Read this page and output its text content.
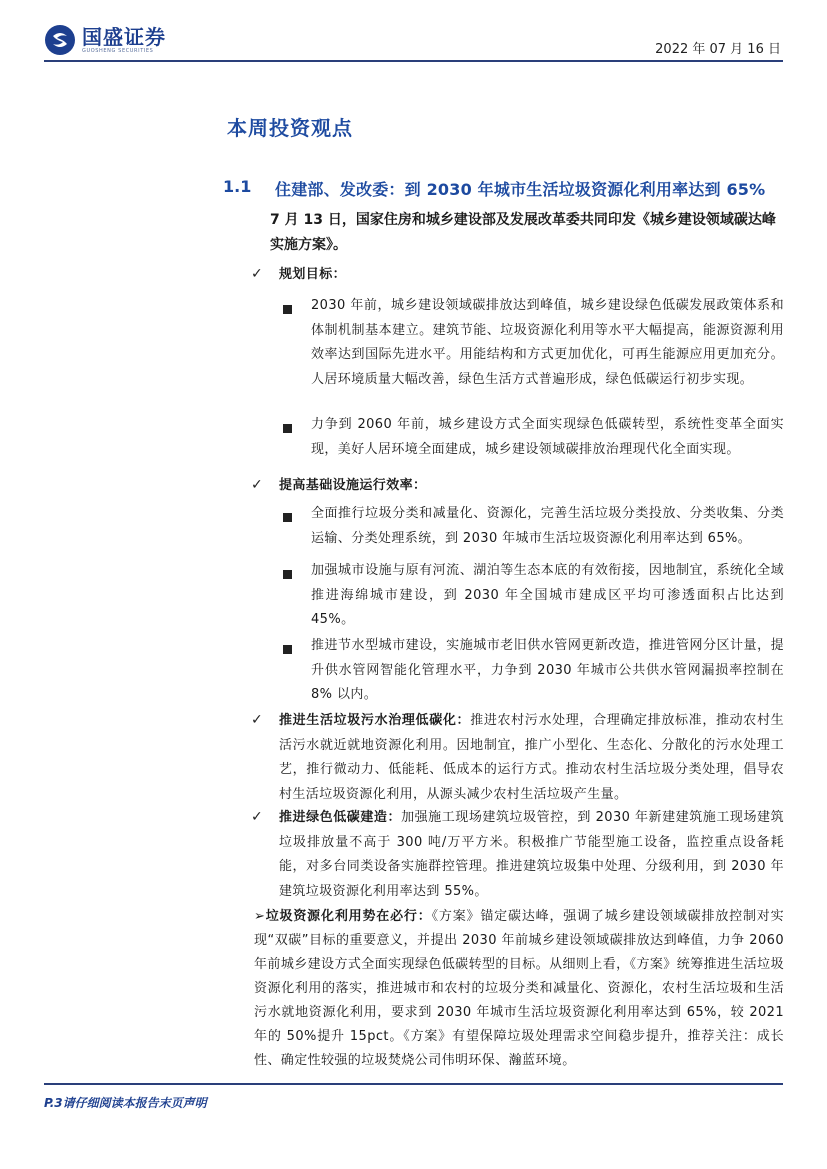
国盛证券
GUOSHENG SECURITIES	2022 年 07 月 16 日
本周投资观点
1.1 住建部、发改委：到 2030 年城市生活垃圾资源化利用率达到 65%
7 月 13 日，国家住房和城乡建设部及发展改革委共同印发《城乡建设领域碳达峰实施方案》。
✓ 规划目标：
2030 年前，城乡建设领域碳排放达到峰值，城乡建设绿色低碳发展政策体系和体制机制基本建立。建筑节能、垃圾资源化利用等水平大幅提高，能源资源利用效率达到国际先进水平。用能结构和方式更加优化，可再生能源应用更加充分。人居环境质量大幅改善，绿色生活方式普遍形成，绿色低碳运行初步实现。
力争到 2060 年前，城乡建设方式全面实现绿色低碳转型，系统性变革全面实现，美好人居环境全面建成，城乡建设领域碳排放治理现代化全面实现。
✓ 提高基础设施运行效率：
全面推行垃圾分类和减量化、资源化，完善生活垃圾分类投放、分类收集、分类运输、分类处理系统，到 2030 年城市生活垃圾资源化利用率达到 65%。
加强城市设施与原有河流、湖泊等生态本底的有效衔接，因地制宜，系统化全域推进海绵城市建设，到 2030 年全国城市建成区平均可渗透面积占比达到 45%。
推进节水型城市建设，实施城市老旧供水管网更新改造，推进管网分区计量，提升供水管网智能化管理水平，力争到 2030 年城市公共供水管网漏损率控制在 8% 以内。
✓ 推进生活垃圾污水治理低碳化：推进农村污水处理，合理确定排放标准，推动农村生活污水就近就地资源化利用。因地制宜，推广小型化、生态化、分散化的污水处理工艺，推行微动力、低能耗、低成本的运行方式。推动农村生活垃圾分类处理，倡导农村生活垃圾资源化利用，从源头减少农村生活垃圾产生量。
✓ 推进绿色低碳建造：加强施工现场建筑垃圾管控，到 2030 年新建建筑施工现场建筑垃圾排放量不高于 300 吨/万平方米。积极推广节能型施工设备，监控重点设备耗能，对多台同类设备实施群控管理。推进建筑垃圾集中处理、分级利用，到 2030 年建筑垃圾资源化利用率达到 55%。
➢垃圾资源化利用势在必行：《方案》锚定碳达峰，强调了城乡建设领域碳排放控制对实现“双碳”目标的重要意义，并提出 2030 年前城乡建设领域碳排放达到峰值，力争 2060 年前城乡建设方式全面实现绿色低碳转型的目标。从细则上看，《方案》统筹推进生活垃圾资源化利用的落实，推进城市和农村的垃圾分类和减量化、资源化，农村生活垃圾和生活污水就地资源化利用，要求到 2030 年城市生活垃圾资源化利用率达到 65%，较 2021 年的 50%提升 15pct。《方案》有望保障垃圾处理需求空间稳步提升，推荐关注：成长性、确定性较强的垃圾焚烧公司伟明环保、瀚蓝环境。
P.3请仔细阅读本报告末页声明
